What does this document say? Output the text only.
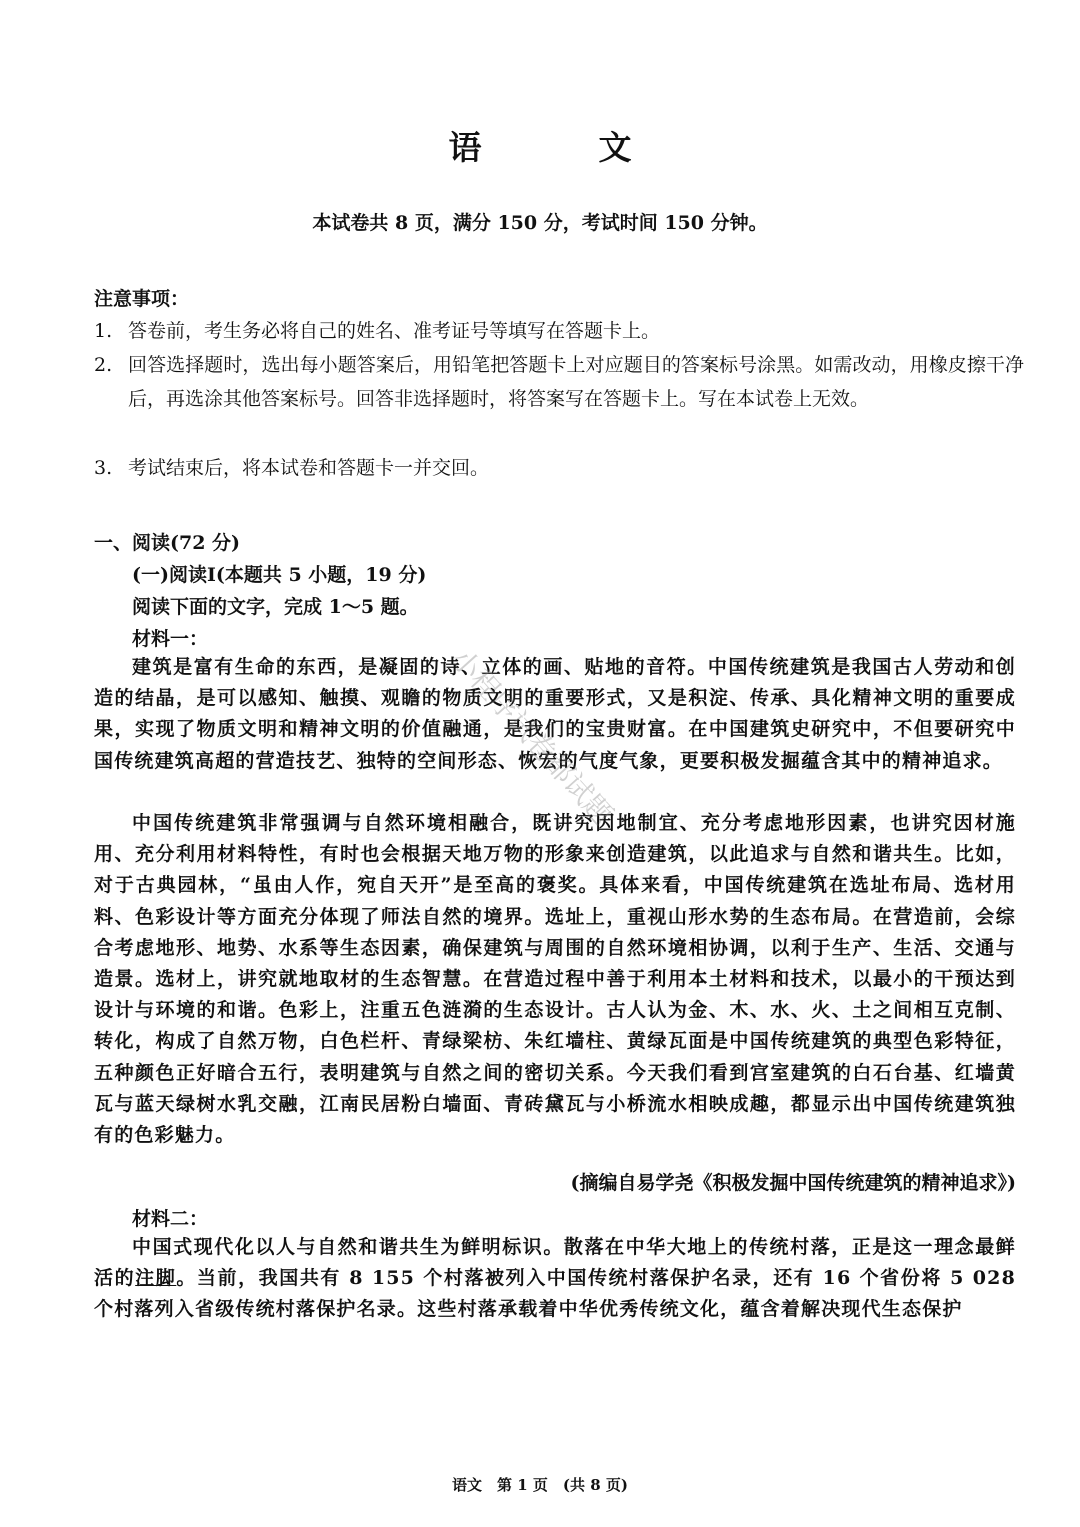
语　文
本试卷共 8 页，满分 150 分，考试时间 150 分钟。
注意事项：
1. 答卷前，考生务必将自己的姓名、准考证号等填写在答题卡上。
2. 回答选择题时，选出每小题答案后，用铅笔把答题卡上对应题目的答案标号涂黑。如需改动，用橡皮擦干净后，再选涂其他答案标号。回答非选择题时，将答案写在答题卡上。写在本试卷上无效。
3. 考试结束后，将本试卷和答题卡一并交回。
一、阅读(72 分)
(一)阅读Ⅰ(本题共 5 小题，19 分)
阅读下面的文字，完成 1～5 题。
材料一：
建筑是富有生命的东西，是凝固的诗、立体的画、贴地的音符。中国传统建筑是我国古人劳动和创造的结晶，是可以感知、触摸、观瞻的物质文明的重要形式，又是积淀、传承、具化精神文明的重要成果，实现了物质文明和精神文明的价值融通，是我们的宝贵财富。在中国建筑史研究中，不但要研究中国传统建筑高超的营造技艺、独特的空间形态、恢宏的气度气象，更要积极发掘蕴含其中的精神追求。
中国传统建筑非常强调与自然环境相融合，既讲究因地制宜、充分考虑地形因素，也讲究因材施用、充分利用材料特性，有时也会根据天地万物的形象来创造建筑，以此追求与自然和谐共生。比如，对于古典园林，“虽由人作，宛自天开”是至高的褒奖。具体来看，中国传统建筑在选址布局、选材用料、色彩设计等方面充分体现了师法自然的境界。选址上，重视山形水势的生态布局。在营造前，会综合考虑地形、地势、水系等生态因素，确保建筑与周围的自然环境相协调，以利于生产、生活、交通与造景。选材上，讲究就地取材的生态智慧。在营造过程中善于利用本土材料和技术，以最小的干预达到设计与环境的和谐。色彩上，注重五色涟漪的生态设计。古人认为金、木、水、火、土之间相互克制、转化，构成了自然万物，白色栏杆、青绿梁枋、朱红墙柱、黄绿瓦面是中国传统建筑的典型色彩特征，五种颜色正好暗合五行，表明建筑与自然之间的密切关系。今天我们看到宫室建筑的白石台基、红墙黄瓦与蓝天绿树水乳交融，江南民居粉白墙面、青砖黛瓦与小桥流水相映成趣，都显示出中国传统建筑独有的色彩魅力。
(摘编自易学尧《积极发掘中国传统建筑的精神追求》)
材料二：
中国式现代化以人与自然和谐共生为鲜明标识。散落在中华大地上的传统村落，正是这一理念最鲜活的注脚。当前，我国共有 8 155 个村落被列入中国传统村落保护名录，还有 16 个省份将 5 028 个村落列入省级传统村落保护名录。这些村落承载着中华优秀传统文化，蕴含着解决现代生态保护
语文　第 1 页　(共 8 页)
小程序试卷都试题
